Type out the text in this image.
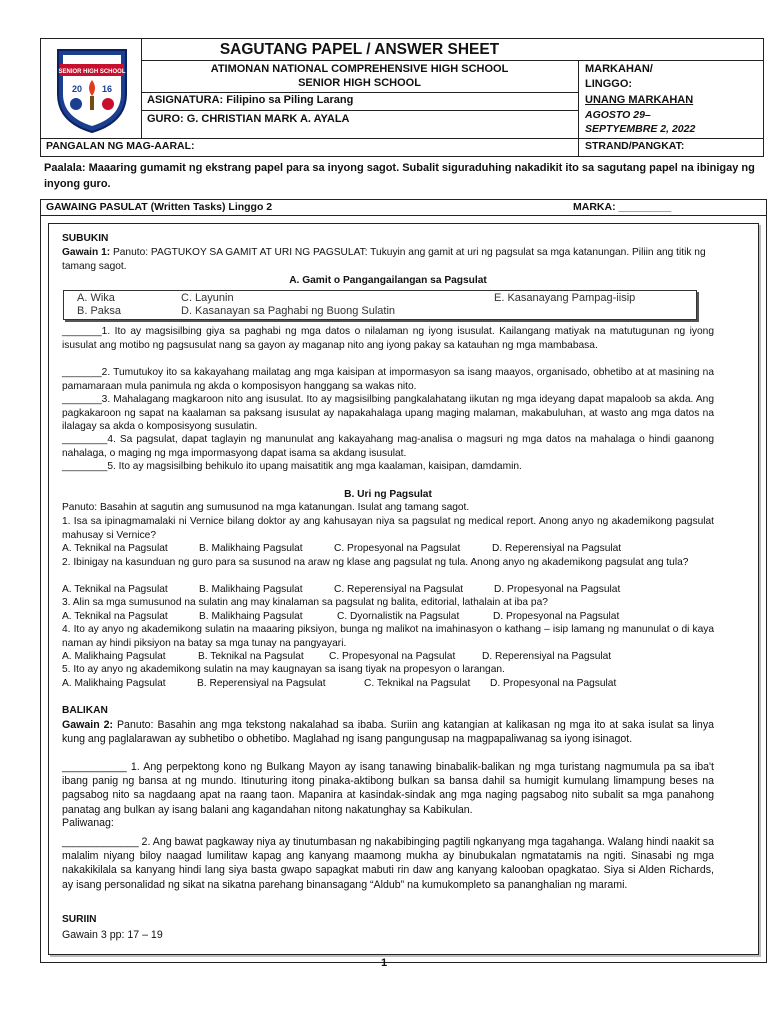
SENIOR HIGH SCHOOL
20 16
SAGUTANG PAPEL / ANSWER SHEET
ATIMONAN NATIONAL COMPREHENSIVE HIGH SCHOOL
SENIOR HIGH SCHOOL
ASIGNATURA: Filipino sa Piling Larang
GURO: G. CHRISTIAN MARK A. AYALA
MARKAHAN/
LINGGO:
UNANG MARKAHAN
AGOSTO 29–
SEPTYEMBRE 2, 2022
PANGALAN NG MAG-AARAL:	STRAND/PANGKAT:
Paalala: Maaaring gumamit ng ekstrang papel para sa inyong sagot. Subalit siguraduhing nakadikit ito sa sagutang papel na ibinigay ng inyong guro.
GAWAING PASULAT (Written Tasks) Linggo 2	MARKA: _________
SUBUKIN
Gawain 1: Panuto: PAGTUKOY SA GAMIT AT URI NG PAGSULAT: Tukuyin ang gamit at uri ng pagsulat sa mga katanungan. Piliin ang titik ng tamang sagot.
A. Gamit o Pangangailangan sa Pagsulat
A. Wika
B. Paksa
C. Layunin
D. Kasanayan sa Paghabi ng Buong Sulatin
E. Kasanayang Pampag-iisip
_______1. Ito ay magsisilbing giya sa paghabi ng mga datos o nilalaman ng iyong isusulat. Kailangang matiyak na matutugunan ng iyong isusulat ang motibo ng pagsusulat nang sa gayon ay maganap nito ang iyong pakay sa katauhan ng mga mambabasa.
_______2. Tumutukoy ito sa kakayahang mailatag ang mga kaisipan at impormasyon sa isang maayos, organisado, obhetibo at at masining na pamamaraan mula panimula ng akda o komposisyon hanggang sa wakas nito.
_______3. Mahalagang magkaroon nito ang isusulat. Ito ay magsisilbing pangkalahatang iikutan ng mga ideyang dapat mapaloob sa akda. Ang pagkakaroon ng sapat na kaalaman sa paksang isusulat ay napakahalaga upang maging malaman, makabuluhan, at wasto ang mga datos na ilalagay sa akda o komposisyong susulatin.
________4. Sa pagsulat, dapat taglayin ng manunulat ang kakayahang mag-analisa o magsuri ng mga datos na mahalaga o hindi gaanong nahalaga, o maging ng mga impormasyong dapat isama sa akdang isusulat.
________5. Ito ay magsisilbing behikulo ito upang maisatitik ang mga kaalaman, kaisipan, damdamin.
B. Uri ng Pagsulat
Panuto: Basahin at sagutin ang sumusunod na mga katanungan. Isulat ang tamang sagot.
1. Isa sa ipinagmamalaki ni Vernice bilang doktor ay ang kahusayan niya sa pagsulat ng medical report. Anong anyo ng akademikong pagsulat mahusay si Vernice?
A. Teknikal na Pagsulat	B. Malikhaing Pagsulat	C. Propesyonal na Pagsulat	D. Reperensiyal na Pagsulat
2. Ibinigay na kasunduan ng guro para sa susunod na araw ng klase ang pagsulat ng tula. Anong anyo ng akademikong pagsulat ang tula?
A. Teknikal na Pagsulat	B. Malikhaing Pagsulat	C. Reperensiyal na Pagsulat	D. Propesyonal na Pagsulat
3. Alin sa mga sumusunod na sulatin ang may kinalaman sa pagsulat ng balita, editorial, lathalain at iba pa?
A. Teknikal na Pagsulat	B. Malikhaing Pagsulat	C. Dyornalistik na Pagsulat	D. Propesyonal na Pagsulat
4. Ito ay anyo ng akademikong sulatin na maaaring piksiyon, bunga ng malikot na imahinasyon o kathang – isip lamang ng manunulat o di kaya naman ay hindi piksiyon na batay sa mga tunay na pangyayari.
A. Malikhaing Pagsulat	B. Teknikal na Pagsulat C. Propesyonal na Pagsulat	D. Reperensiyal na Pagsulat
5. Ito ay anyo ng akademikong sulatin na may kaugnayan sa isang tiyak na propesyon o larangan.
A. Malikhaing Pagsulat	B. Reperensiyal na Pagsulat	C. Teknikal na Pagsulat D. Propesyonal na Pagsulat
BALIKAN
Gawain 2: Panuto: Basahin ang mga tekstong nakalahad sa ibaba. Suriin ang katangian at kalikasan ng mga ito at saka isulat sa linya kung ang paglalarawan ay subhetibo o obhetibo. Maglahad ng isang pangungusap na magpapaliwanag sa iyong isinagot.
___________ 1. Ang perpektong kono ng Bulkang Mayon ay isang tanawing binabalik-balikan ng mga turistang nagmumula pa sa iba't ibang panig ng bansa at ng mundo. Itinuturing itong pinaka-aktibong bulkan sa bansa dahil sa humigit kumulang limampung beses na pagsabog nito sa nagdaang apat na raang taon. Mapanira at kasindak-sindak ang mga naging pagsabog nito subalit sa mga panahong panatag ang bulkan ay isang balani ang kagandahan nitong nakatunghay sa Kabikulan.
Paliwanag:
_____________ 2. Ang bawat pagkaway niya ay tinutumbasan ng nakabibinging pagtili ngkanyang mga tagahanga. Walang hindi naakit sa malalim niyang biloy naagad lumilitaw kapag ang kanyang maamong mukha ay binubukalan ngmatatamis na ngiti. Sinasabi ng mga nakakikilala sa kanyang hindi lang siya basta gwapo sapagkat mabuti rin daw ang kanyang kalooban opagkatao. Siya si Alden Richards, ay isang personalidad ng sikat na sikatna parehang binansagang “Aldub” na kumukompleto sa pananghalian ng marami.
SURIIN
Gawain 3 pp: 17 – 19
1
